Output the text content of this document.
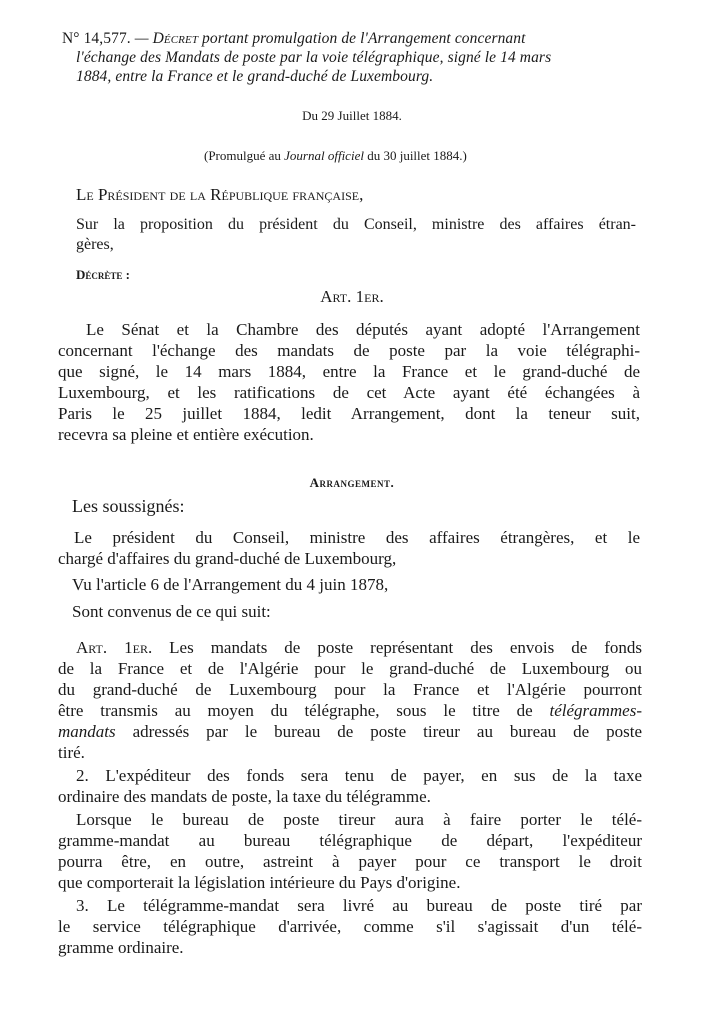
N° 14,577. — Décret portant promulgation de l'Arrangement concernant
l'échange des Mandats de poste par la voie télégraphique, signé le 14 mars
1884, entre la France et le grand-duché de Luxembourg.
Du 29 Juillet 1884.
(Promulgué au Journal officiel du 30 juillet 1884.)
Le Président de la République française,
Sur la proposition du président du Conseil, ministre des affaires étran-
gères,
Décrète :
Art. 1er.
Le Sénat et la Chambre des députés ayant adopté l'Arrangement
concernant l'échange des mandats de poste par la voie télégraphi-
que signé, le 14 mars 1884, entre la France et le grand-duché de
Luxembourg, et les ratifications de cet Acte ayant été échangées à
Paris le 25 juillet 1884, ledit Arrangement, dont la teneur suit,
recevra sa pleine et entière exécution.
Arrangement.
Les soussignés:
Le président du Conseil, ministre des affaires étrangères, et le
chargé d'affaires du grand-duché de Luxembourg,
Vu l'article 6 de l'Arrangement du 4 juin 1878,
Sont convenus de ce qui suit:
Art. 1er. Les mandats de poste représentant des envois de fonds
de la France et de l'Algérie pour le grand-duché de Luxembourg ou
du grand-duché de Luxembourg pour la France et l'Algérie pourront
être transmis au moyen du télégraphe, sous le titre de télégrammes-
mandats adressés par le bureau de poste tireur au bureau de poste
tiré.
2. L'expéditeur des fonds sera tenu de payer, en sus de la taxe
ordinaire des mandats de poste, la taxe du télégramme.
Lorsque le bureau de poste tireur aura à faire porter le télé-
gramme-mandat au bureau télégraphique de départ, l'expéditeur
pourra être, en outre, astreint à payer pour ce transport le droit
que comporterait la législation intérieure du Pays d'origine.
3. Le télégramme-mandat sera livré au bureau de poste tiré par
le service télégraphique d'arrivée, comme s'il s'agissait d'un télé-
gramme ordinaire.
